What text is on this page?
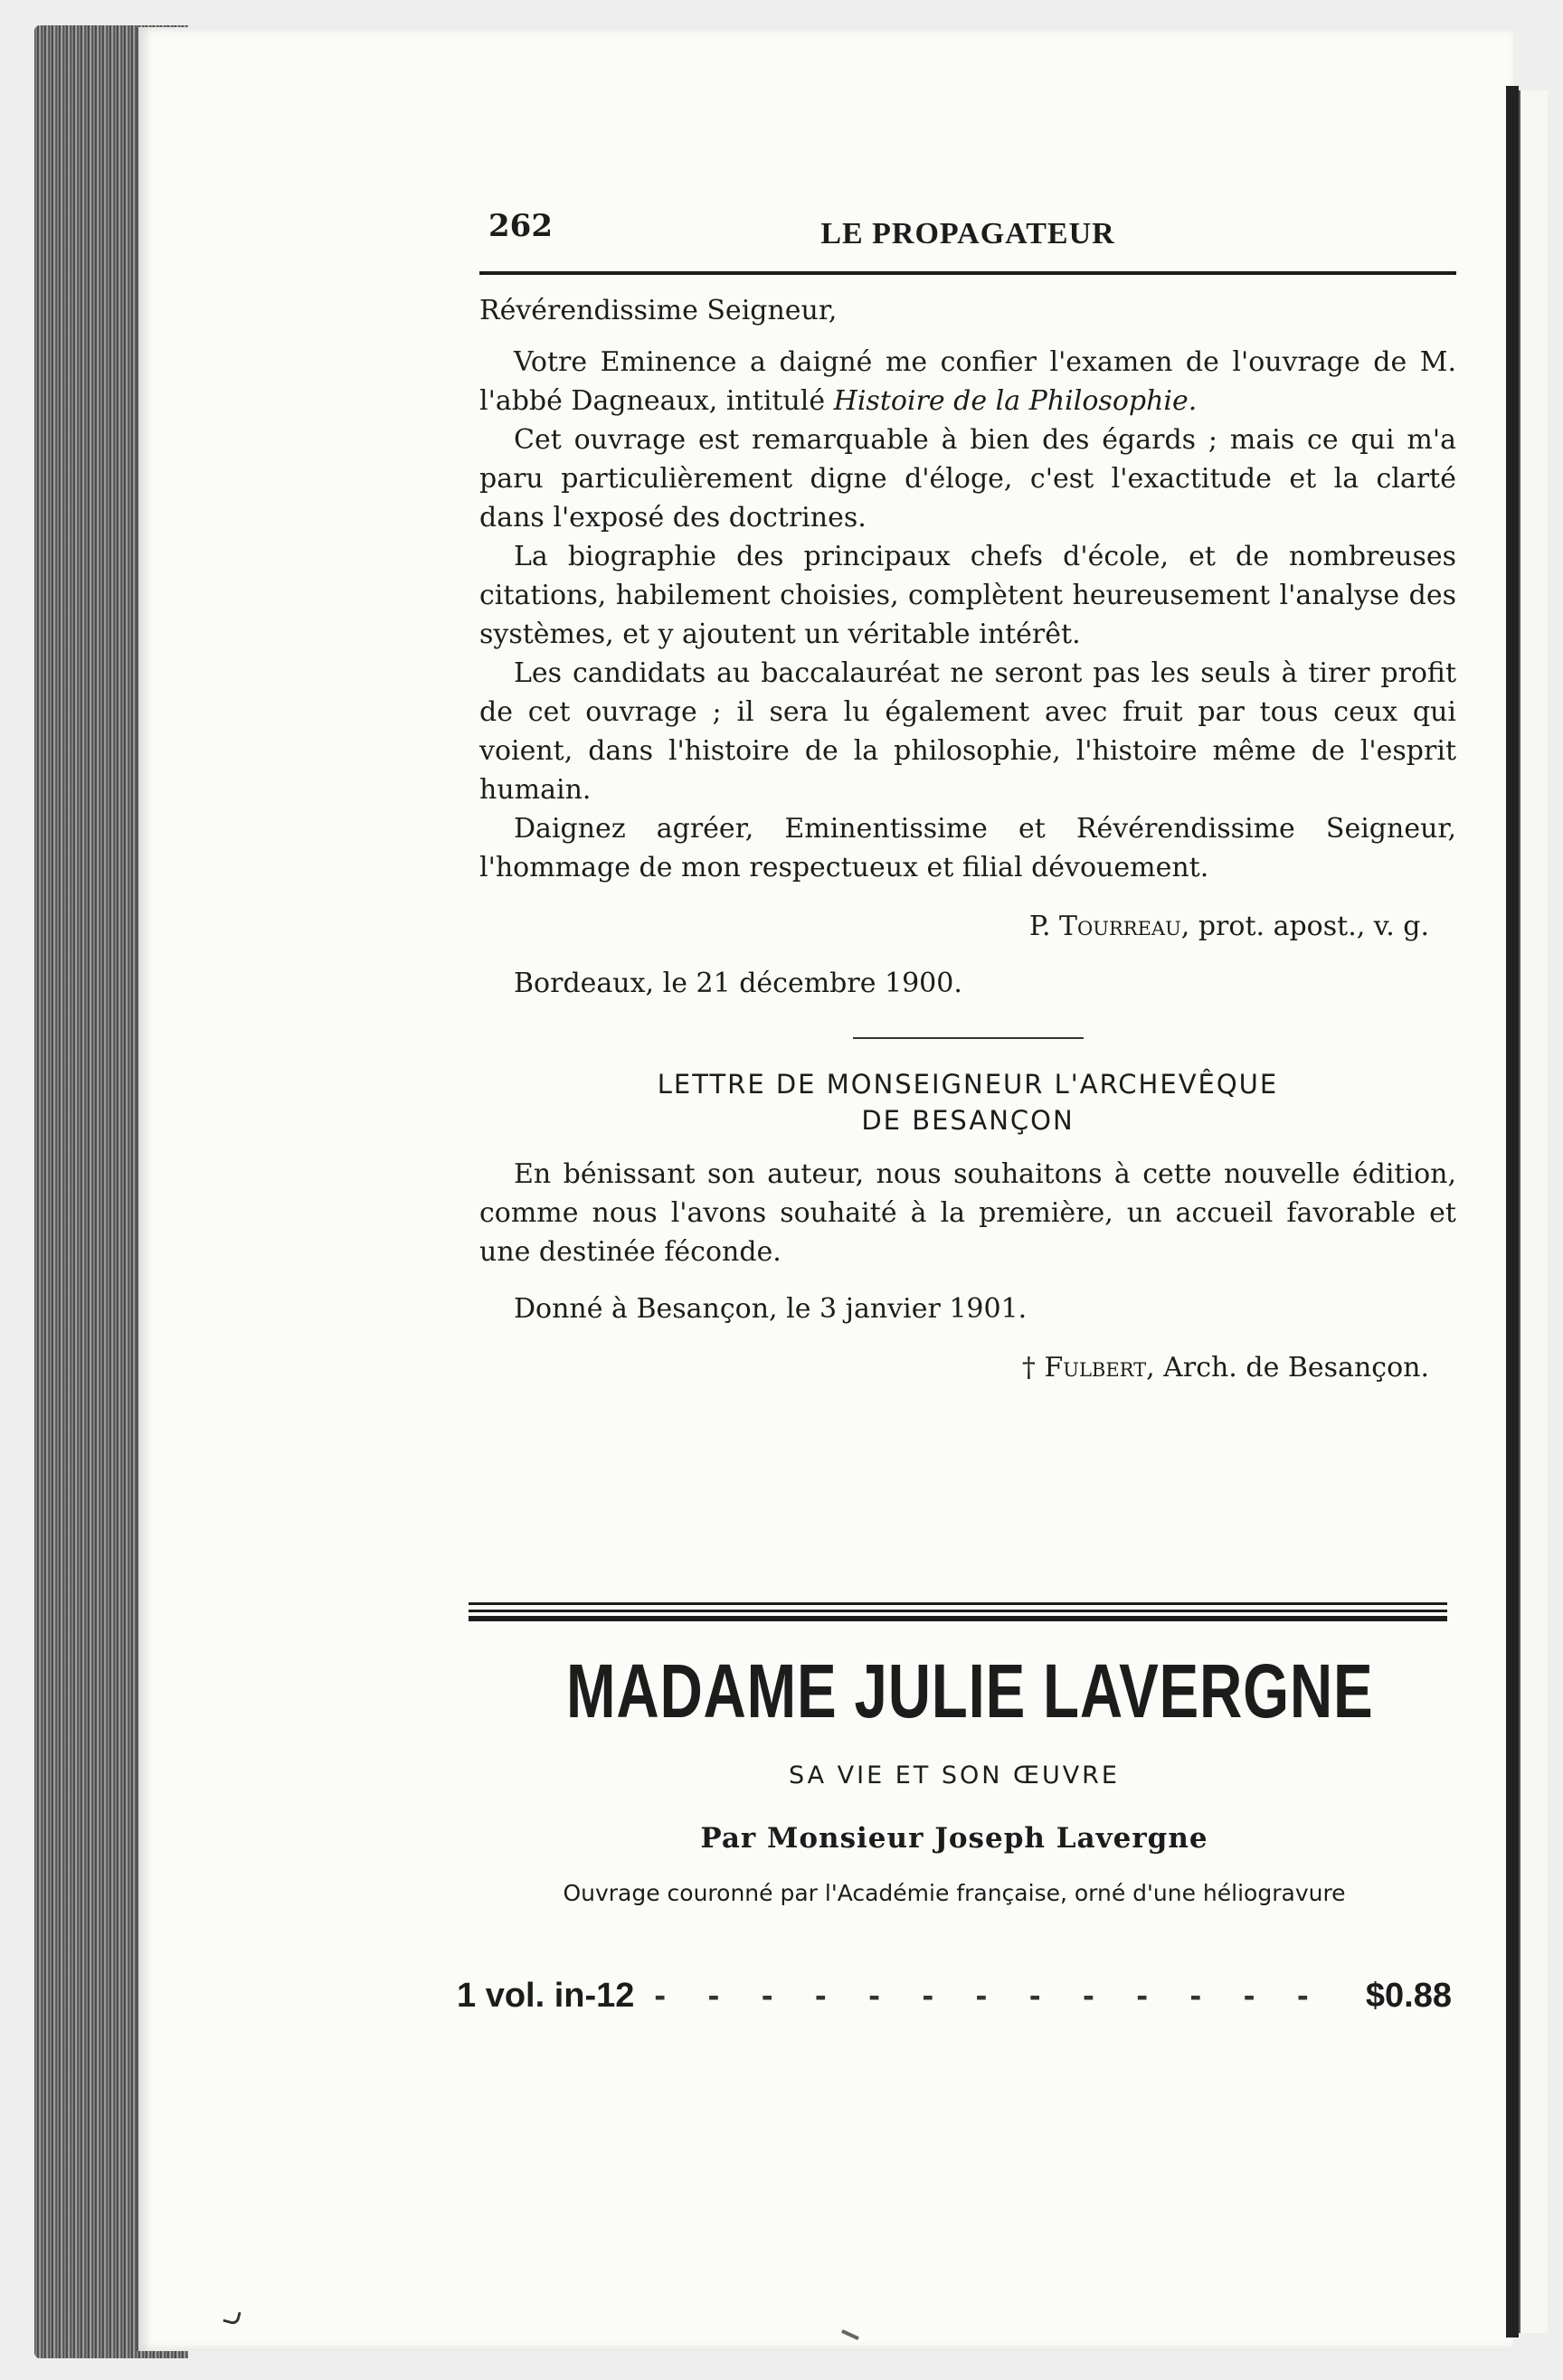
262	LE PROPAGATEUR

Révérendissime Seigneur,

Votre Eminence a daigné me confier l'examen de l'ouvrage de M. l'abbé Dagneaux, intitulé Histoire de la Philosophie.

Cet ouvrage est remarquable à bien des égards ; mais ce qui m'a paru particulièrement digne d'éloge, c'est l'exactitude et la clarté dans l'exposé des doctrines.

La biographie des principaux chefs d'école, et de nombreuses citations, habilement choisies, complètent heureusement l'analyse des systèmes, et y ajoutent un véritable intérêt.

Les candidats au baccalauréat ne seront pas les seuls à tirer profit de cet ouvrage ; il sera lu également avec fruit par tous ceux qui voient, dans l'histoire de la philosophie, l'histoire même de l'esprit humain.

Daignez agréer, Eminentissime et Révérendissime Seigneur, l'hommage de mon respectueux et filial dévouement.

P. Tourreau, prot. apost., v. g.

Bordeaux, le 21 décembre 1900.

LETTRE DE MONSEIGNEUR L'ARCHEVÊQUE
DE BESANÇON

En bénissant son auteur, nous souhaitons à cette nouvelle édition, comme nous l'avons souhaité à la première, un accueil favorable et une destinée féconde.

Donné à Besançon, le 3 janvier 1901.

† Fulbert, Arch. de Besançon.

MADAME JULIE LAVERGNE
SA VIE ET SON ŒUVRE
Par Monsieur Joseph Lavergne
Ouvrage couronné par l'Académie française, orné d'une héliogravure
1 vol. in-12
- - -	$0.88
